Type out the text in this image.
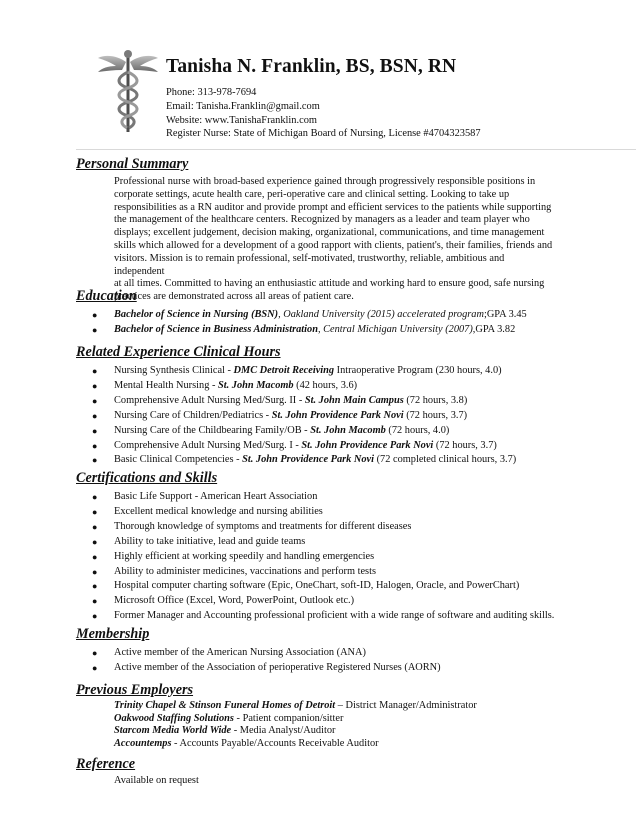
Tanisha N. Franklin, BS, BSN, RN
Phone: 313-978-7694
Email: Tanisha.Franklin@gmail.com
Website: www.TanishaFranklin.com
Register Nurse: State of Michigan Board of Nursing, License #4704323587
Personal Summary
Professional nurse with broad-based experience gained through progressively responsible positions in
corporate settings, acute health care, peri-operative care and clinical setting. Looking to take up
responsibilities as a RN auditor and provide prompt and efficient services to the patients while supporting
the management of the healthcare centers. Recognized by managers as a leader and team player who
displays; excellent judgement, decision making, organizational, communications, and time management
skills which allowed for a development of a good rapport with clients, patient's, their families, friends and
visitors. Mission is to remain professional, self-motivated, trustworthy, reliable, ambitious and independent
at all times. Committed to having an enthusiastic attitude and working hard to ensure good, safe nursing
practices are demonstrated across all areas of patient care.
Education
● Bachelor of Science in Nursing (BSN), Oakland University (2015) accelerated program;GPA 3.45
● Bachelor of Science in Business Administration, Central Michigan University (2007),GPA 3.82
Related Experience Clinical Hours
● Nursing Synthesis Clinical - DMC Detroit Receiving Intraoperative Program (230 hours, 4.0)
● Mental Health Nursing - St. John Macomb (42 hours, 3.6)
● Comprehensive Adult Nursing Med/Surg. II - St. John Main Campus (72 hours, 3.8)
● Nursing Care of Children/Pediatrics - St. John Providence Park Novi (72 hours, 3.7)
● Nursing Care of the Childbearing Family/OB - St. John Macomb (72 hours, 4.0)
● Comprehensive Adult Nursing Med/Surg. I - St. John Providence Park Novi (72 hours, 3.7)
● Basic Clinical Competencies - St. John Providence Park Novi (72 completed clinical hours, 3.7)
Certifications and Skills
● Basic Life Support - American Heart Association
● Excellent medical knowledge and nursing abilities
● Thorough knowledge of symptoms and treatments for different diseases
● Ability to take initiative, lead and guide teams
● Highly efficient at working speedily and handling emergencies
● Ability to administer medicines, vaccinations and perform tests
● Hospital computer charting software (Epic, OneChart, soft-ID, Halogen, Oracle, and PowerChart)
● Microsoft Office (Excel, Word, PowerPoint, Outlook etc.)
● Former Manager and Accounting professional proficient with a wide range of software and auditing skills.
Membership
● Active member of the American Nursing Association (ANA)
● Active member of the Association of perioperative Registered Nurses (AORN)
Previous Employers
Trinity Chapel & Stinson Funeral Homes of Detroit – District Manager/Administrator
Oakwood Staffing Solutions - Patient companion/sitter
Starcom Media World Wide - Media Analyst/Auditor
Accountemps - Accounts Payable/Accounts Receivable Auditor
Reference
Available on request
